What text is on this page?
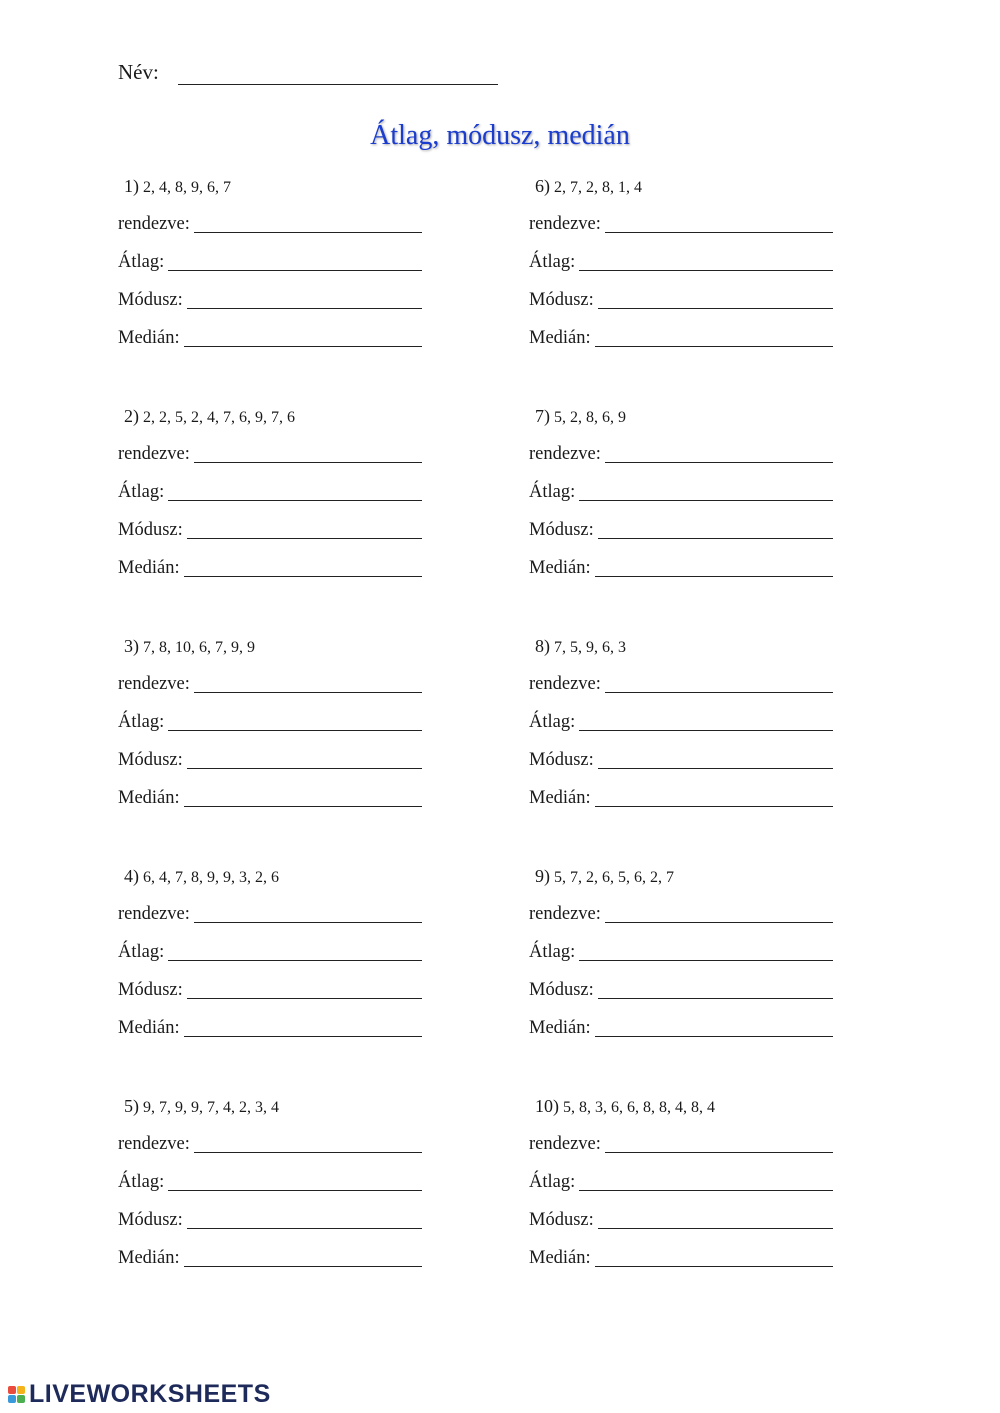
Név:
Átlag, módusz, medián
1) 2, 4, 8, 9, 6, 7
rendezve:
Átlag:
Módusz:
Medián:
2) 2, 2, 5, 2, 4, 7, 6, 9, 7, 6
rendezve:
Átlag:
Módusz:
Medián:
3) 7, 8, 10, 6, 7, 9, 9
rendezve:
Átlag:
Módusz:
Medián:
4) 6, 4, 7, 8, 9, 9, 3, 2, 6
rendezve:
Átlag:
Módusz:
Medián:
5) 9, 7, 9, 9, 7, 4, 2, 3, 4
rendezve:
Átlag:
Módusz:
Medián:
6) 2, 7, 2, 8, 1, 4
rendezve:
Átlag:
Módusz:
Medián:
7) 5, 2, 8, 6, 9
rendezve:
Átlag:
Módusz:
Medián:
8) 7, 5, 9, 6, 3
rendezve:
Átlag:
Módusz:
Medián:
9) 5, 7, 2, 6, 5, 6, 2, 7
rendezve:
Átlag:
Módusz:
Medián:
10) 5, 8, 3, 6, 6, 8, 8, 4, 8, 4
rendezve:
Átlag:
Módusz:
Medián:
LIVEWORKSHEETS
